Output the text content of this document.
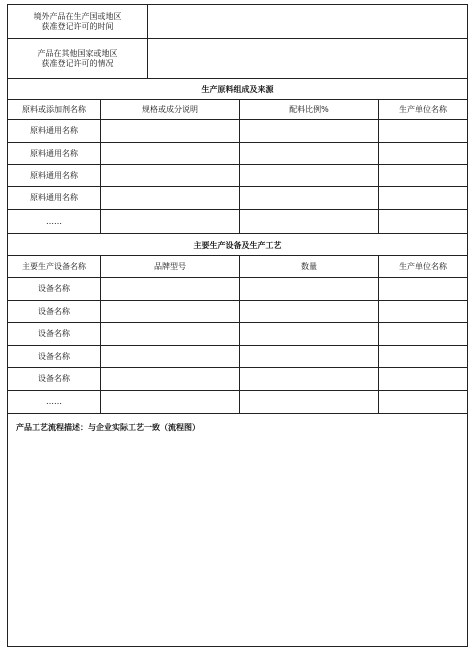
境外产品在生产国或地区
获准登记许可的时间
产品在其他国家或地区
获准登记许可的情况
生产原料组成及来源
原料或添加剂名称	规格或成分说明	配料比例%	生产单位名称
原料通用名称
原料通用名称
原料通用名称
原料通用名称
……
主要生产设备及生产工艺
主要生产设备名称	品牌型号	数量	生产单位名称
设备名称
设备名称
设备名称
设备名称
设备名称
……
产品工艺流程描述：与企业实际工艺一致（流程图）
